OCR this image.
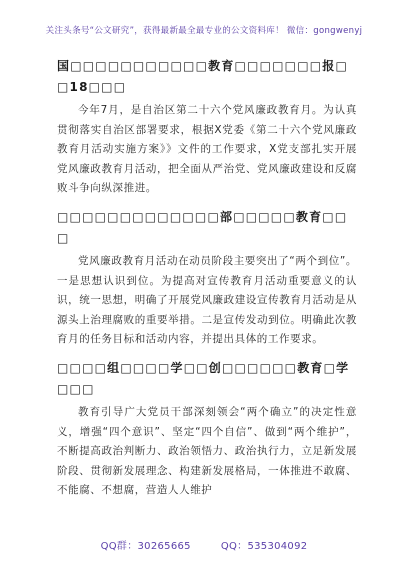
关注头条号“公文研究”，获得最新最全最专业的公文资料库！ 微信：gongwenyj

国□□□□□□□□□□□教育□□□□□□□报□□18□□□

今年7月，是自治区第二十六个党风廉政教育月。为认真贯彻落实自治区部署要求，根据X党委《第二十六个党风廉政教育月活动实施方案》》文件的工作要求，X党支部扎实开展党风廉政教育月活动，把全面从严治党、党风廉政建设和反腐败斗争向纵深推进。

□□□□□□□□□□□□□部□□□□□教育□□□

党风廉政教育月活动在动员阶段主要突出了“两个到位”。一是思想认识到位。为提高对宣传教育月活动重要意义的认识，统一思想，明确了开展党风廉政建设宣传教育月活动是从源头上治理腐败的重要举措。二是宣传发动到位。明确此次教育月的任务目标和活动内容，并提出具体的工作要求。

□□□□组□□□□学□□创□□□□□□教育□学□□□

教育引导广大党员干部深刻领会“两个确立”的决定性意义，增强“四个意识”、坚定“四个自信”、做到“两个维护”，不断提高政治判断力、政治领悟力、政治执行力，立足新发展阶段、贯彻新发展理念、构建新发展格局，一体推进不敢腐、不能腐、不想腐，营造人人维护

QQ群：30265665	QQ：535304092
